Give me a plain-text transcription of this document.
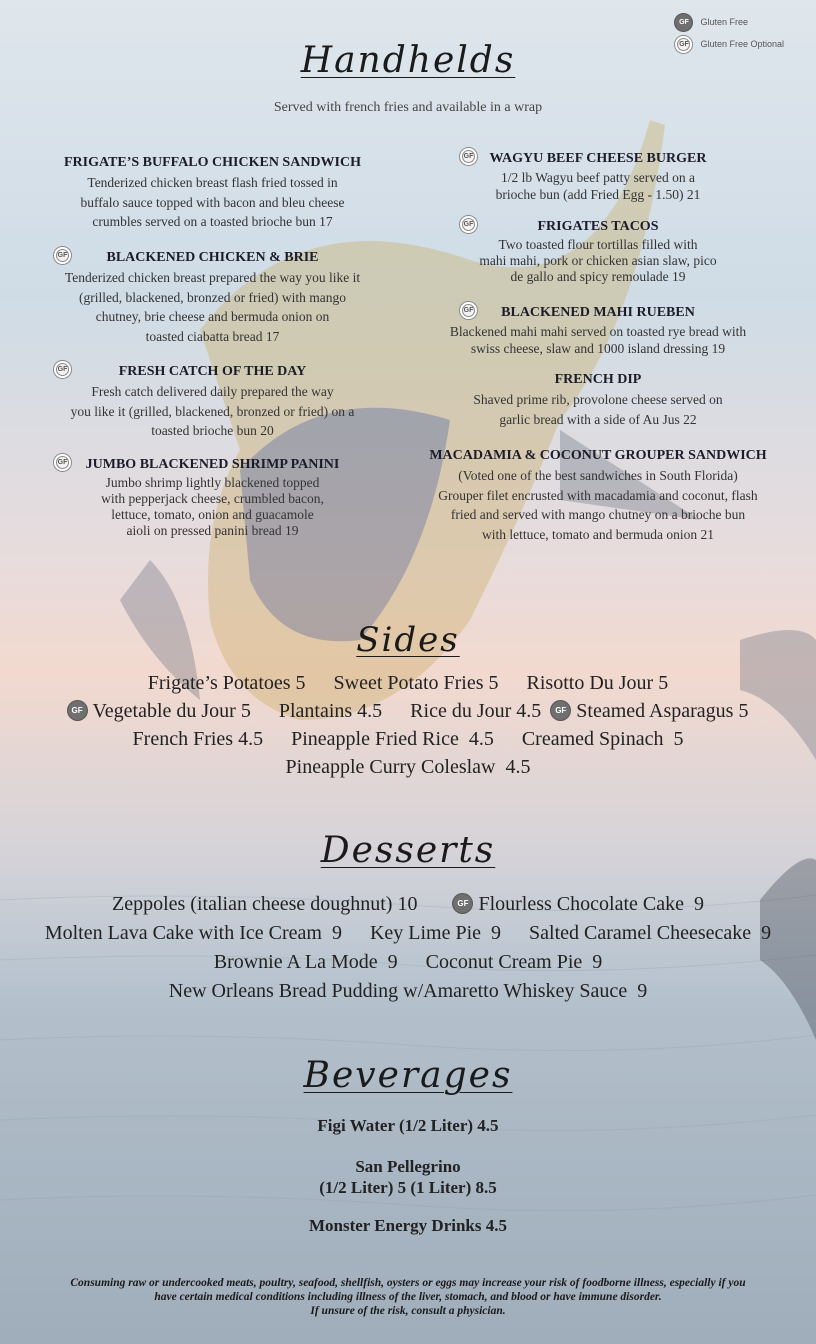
GF	Gluten Free
GF	Gluten Free Optional
Handhelds
Served with french fries and available in a wrap
FRIGATE’S BUFFALO CHICKEN SANDWICH
Tenderized chicken breast flash fried tossed in
buffalo sauce topped with bacon and bleu cheese
crumbles served on a toasted brioche bun 17
GF	BLACKENED CHICKEN & BRIE
Tenderized chicken breast prepared the way you like it
(grilled, blackened, bronzed or fried) with mango
chutney, brie cheese and bermuda onion on
toasted ciabatta bread 17
GF	FRESH CATCH OF THE DAY
Fresh catch delivered daily prepared the way
you like it (grilled, blackened, bronzed or fried) on a
toasted brioche bun 20
GF JUMBO BLACKENED SHRIMP PANINI
Jumbo shrimp lightly blackened topped
with pepperjack cheese, crumbled bacon,
lettuce, tomato, onion and guacamole
aioli on pressed panini bread 19
GF WAGYU BEEF CHEESE BURGER
1/2 lb Wagyu beef patty served on a
brioche bun (add Fried Egg - 1.50) 21
GF	FRIGATES TACOS
Two toasted flour tortillas filled with
mahi mahi, pork or chicken asian slaw, pico
de gallo and spicy remoulade 19
GF BLACKENED MAHI RUEBEN
Blackened mahi mahi served on toasted rye bread with
swiss cheese, slaw and 1000 island dressing 19
FRENCH DIP
Shaved prime rib, provolone cheese served on
garlic bread with a side of Au Jus 22
MACADAMIA & COCONUT GROUPER SANDWICH
(Voted one of the best sandwiches in South Florida)
Grouper filet encrusted with macadamia and coconut, flash
fried and served with mango chutney on a brioche bun
with lettuce, tomato and bermuda onion 21
Sides
Frigate’s Potatoes 5 Sweet Potato Fries 5 Risotto Du Jour 5
GF Vegetable du Jour 5 Plantains 4.5 Rice du Jour 4.5 GF Steamed Asparagus 5
French Fries 4.5 Pineapple Fried Rice  4.5 Creamed Spinach  5
Pineapple Curry Coleslaw  4.5
Desserts
Zeppoles (italian cheese doughnut) 10	GF Flourless Chocolate Cake  9
Molten Lava Cake with Ice Cream  9 Key Lime Pie  9 Salted Caramel Cheesecake  9
Brownie A La Mode  9 Coconut Cream Pie  9
New Orleans Bread Pudding w/Amaretto Whiskey Sauce  9
Beverages
Figi Water (1/2 Liter) 4.5
San Pellegrino
(1/2 Liter) 5 (1 Liter) 8.5
Monster Energy Drinks 4.5
Consuming raw or undercooked meats, poultry, seafood, shellfish, oysters or eggs may increase your risk of foodborne illness, especially if you
have certain medical conditions including illness of the liver, stomach, and blood or have immune disorder.
If unsure of the risk, consult a physician.
